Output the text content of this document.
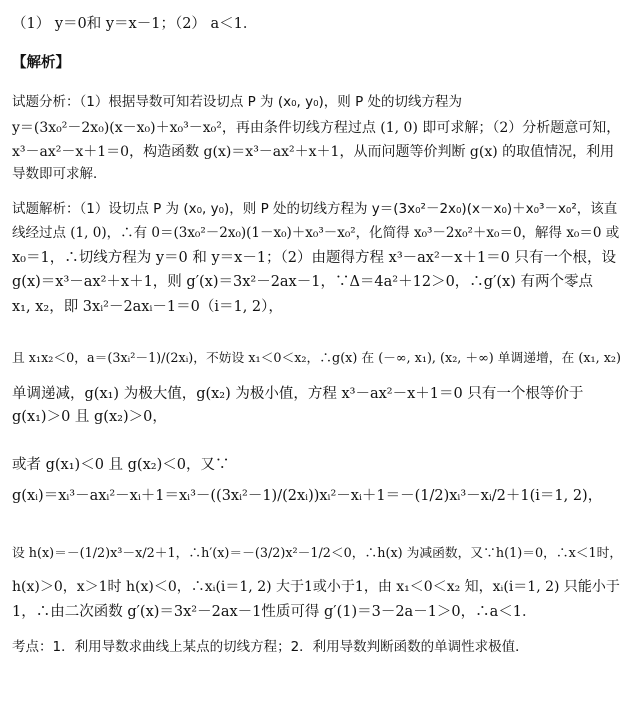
（1） y＝0和 y＝x－1；（2） a＜1．
【解析】
试题分析：（1）根据导数可知若设切点 P 为 (x₀, y₀)，则 P 处的切线方程为
y＝(3x₀²－2x₀)(x－x₀)＋x₀³－x₀²，再由条件切线方程过点 (1, 0) 即可求解；（2）分析题意可知，
x³－ax²－x＋1＝0，构造函数 g(x)＝x³－ax²＋x＋1，从而问题等价判断 g(x) 的取值情况，利用
导数即可求解．
试题解析：（1）设切点 P 为 (x₀, y₀)，则 P 处的切线方程为 y＝(3x₀²－2x₀)(x－x₀)＋x₀³－x₀²，该直
线经过点 (1, 0)，∴有 0＝(3x₀²－2x₀)(1－x₀)＋x₀³－x₀²，化简得 x₀³－2x₀²＋x₀＝0，解得 x₀＝0 或
x₀＝1，∴切线方程为 y＝0 和 y＝x－1；（2）由题得方程 x³－ax²－x＋1＝0 只有一个根，设
g(x)＝x³－ax²＋x＋1，则 g′(x)＝3x²－2ax－1，∵Δ＝4a²＋12＞0，∴g′(x) 有两个零点
x₁, x₂，即 3xᵢ²－2axᵢ－1＝0（i＝1, 2），
且 x₁x₂＜0，a＝(3xᵢ²－1)/(2xᵢ)，不妨设 x₁＜0＜x₂，∴g(x) 在 (－∞, x₁), (x₂, ＋∞) 单调递增，在 (x₁, x₂)
单调递减，g(x₁) 为极大值，g(x₂) 为极小值，方程 x³－ax²－x＋1＝0 只有一个根等价于
g(x₁)＞0 且 g(x₂)＞0，
或者 g(x₁)＜0 且 g(x₂)＜0，又∵
g(xᵢ)＝xᵢ³－axᵢ²－xᵢ＋1＝xᵢ³－((3xᵢ²－1)/(2xᵢ))xᵢ²－xᵢ＋1＝－(1/2)xᵢ³－xᵢ/2＋1(i＝1, 2)，
设 h(x)＝－(1/2)x³－x/2＋1，∴h′(x)＝－(3/2)x²－1/2＜0，∴h(x) 为减函数，又∵h(1)＝0，∴x＜1时，
h(x)＞0，x＞1时 h(x)＜0，∴xᵢ(i＝1, 2) 大于1或小于1，由 x₁＜0＜x₂ 知，xᵢ(i＝1, 2) 只能小于
1，∴由二次函数 g′(x)＝3x²－2ax－1性质可得 g′(1)＝3－2a－1＞0，∴a＜1．
考点：1．利用导数求曲线上某点的切线方程；2．利用导数判断函数的单调性求极值．
